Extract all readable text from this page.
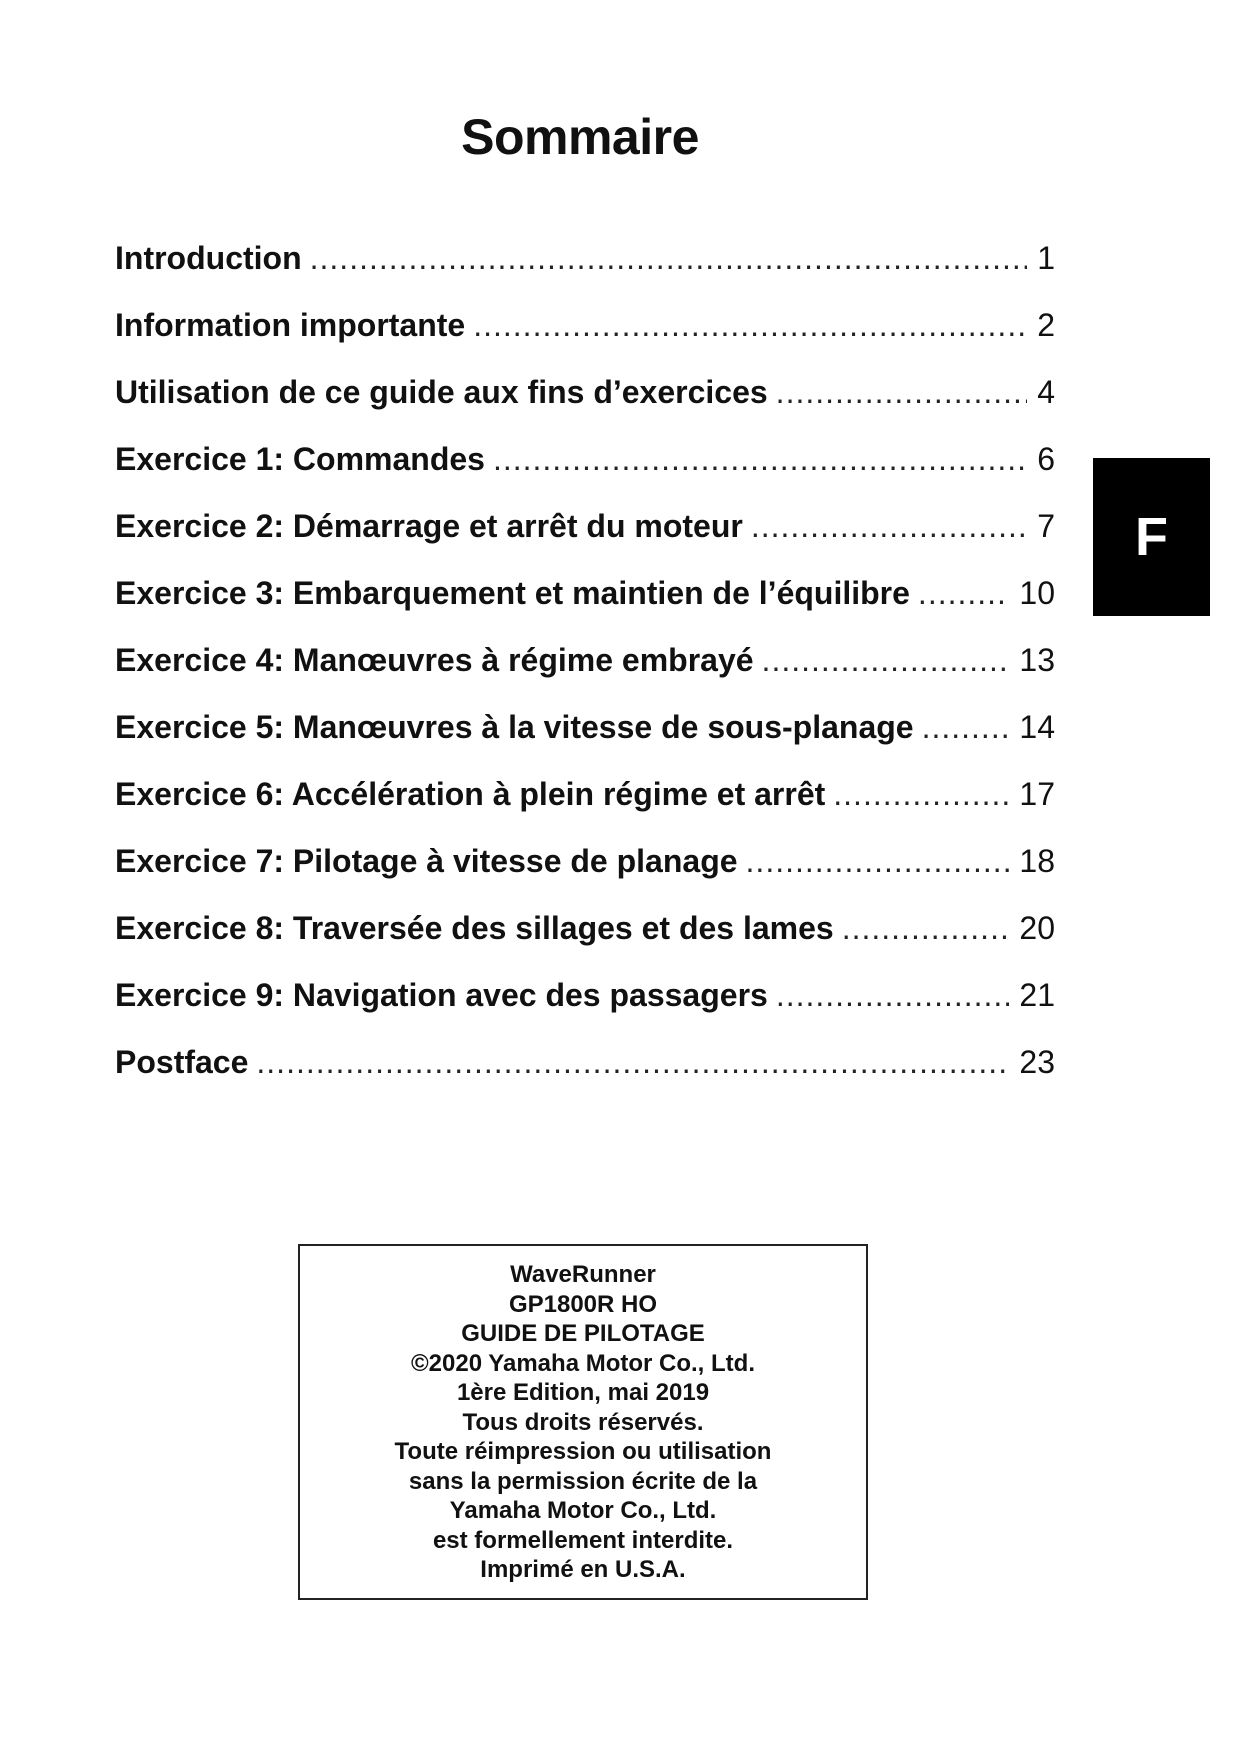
Sommaire
Introduction .....	1
Information importante .....	2
Utilisation de ce guide aux fins d’exercices .....	4
Exercice 1: Commandes .....	6
Exercice 2: Démarrage et arrêt du moteur .....	7
Exercice 3: Embarquement et maintien de l’équilibre .....	10
Exercice 4: Manœuvres à régime embrayé .....	13
Exercice 5: Manœuvres à la vitesse de sous-planage .....	14
Exercice 6: Accélération à plein régime et arrêt .....	17
Exercice 7: Pilotage à vitesse de planage .....	18
Exercice 8: Traversée des sillages et des lames .....	20
Exercice 9: Navigation avec des passagers .....	21
Postface .....	23
F
WaveRunner
GP1800R HO
GUIDE DE PILOTAGE
©2020 Yamaha Motor Co., Ltd.
1ère Edition, mai 2019
Tous droits réservés.
Toute réimpression ou utilisation
sans la permission écrite de la
Yamaha Motor Co., Ltd.
est formellement interdite.
Imprimé en U.S.A.
